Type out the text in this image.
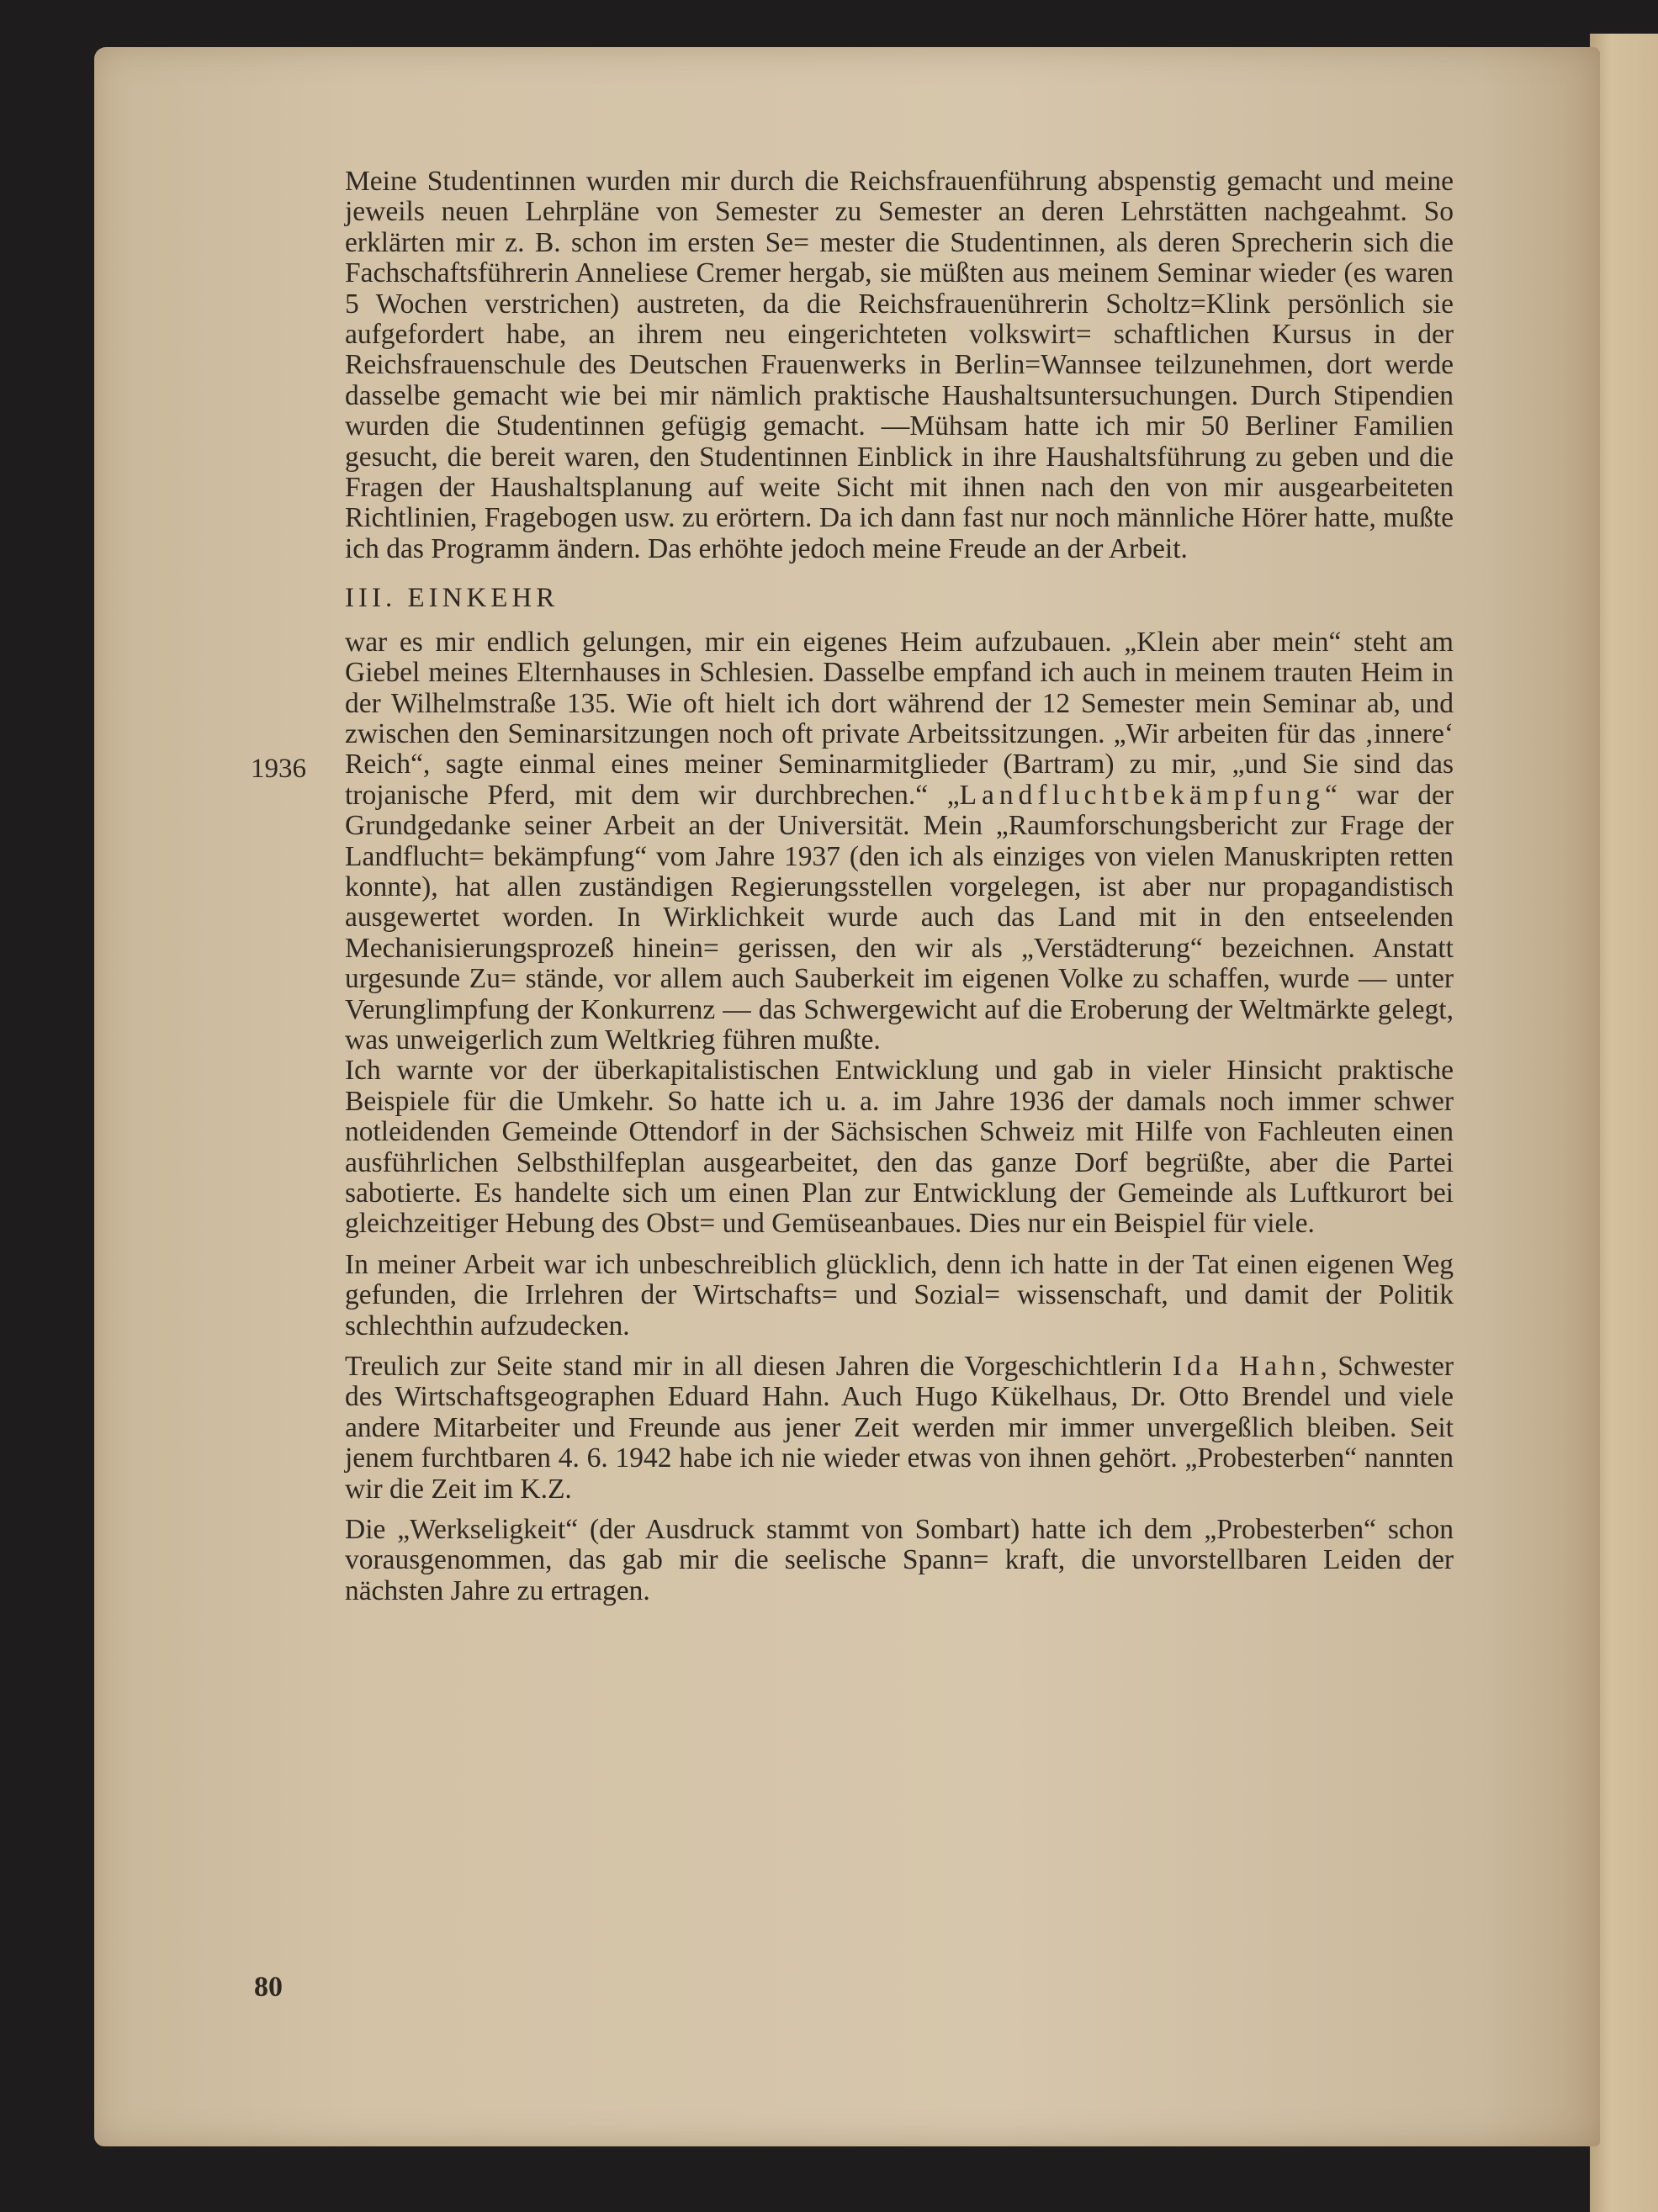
Meine Studentinnen wurden mir durch die Reichsfrauenführung abspenstig gemacht und meine jeweils neuen Lehrpläne von Semester zu Semester an deren Lehrstätten nachgeahmt. So erklärten mir z. B. schon im ersten Se= mester die Studentinnen, als deren Sprecherin sich die Fachschaftsführerin Anneliese Cremer hergab, sie müßten aus meinem Seminar wieder (es waren 5 Wochen verstrichen) austreten, da die Reichsfrauenührerin Scholtz=Klink persönlich sie aufgefordert habe, an ihrem neu eingerichteten volkswirt= schaftlichen Kursus in der Reichsfrauenschule des Deutschen Frauenwerks in Berlin=Wannsee teilzunehmen, dort werde dasselbe gemacht wie bei mir nämlich praktische Haushaltsuntersuchungen. Durch Stipendien wurden die Studentinnen gefügig gemacht. —Mühsam hatte ich mir 50 Berliner Familien gesucht, die bereit waren, den Studentinnen Einblick in ihre Haushaltsführung zu geben und die Fragen der Haushaltsplanung auf weite Sicht mit ihnen nach den von mir ausgearbeiteten Richtlinien, Fragebogen usw. zu erörtern. Da ich dann fast nur noch männliche Hörer hatte, mußte ich das Programm ändern. Das erhöhte jedoch meine Freude an der Arbeit.

III. EINKEHR

war es mir endlich gelungen, mir ein eigenes Heim aufzubauen. „Klein aber mein“ steht am Giebel meines Elternhauses in Schlesien. Dasselbe empfand ich auch in meinem trauten Heim in der Wilhelmstraße 135. Wie oft hielt ich dort während der 12 Semester mein Seminar ab, und zwischen den Seminarsitzungen noch oft private Arbeitssitzungen. „Wir arbeiten für das ‚innere‘ Reich“, sagte einmal eines meiner Seminarmitglieder (Bartram) zu mir, „und Sie sind das trojanische Pferd, mit dem wir durchbrechen.“ „Landfluchtbekämpfung“ war der Grundgedanke seiner Arbeit an der Universität. Mein „Raumforschungsbericht zur Frage der Landflucht= bekämpfung“ vom Jahre 1937 (den ich als einziges von vielen Manuskripten retten konnte), hat allen zuständigen Regierungsstellen vorgelegen, ist aber nur propagandistisch ausgewertet worden. In Wirklichkeit wurde auch das Land mit in den entseelenden Mechanisierungsprozeß hinein= gerissen, den wir als „Verstädterung“ bezeichnen. Anstatt urgesunde Zu= stände, vor allem auch Sauberkeit im eigenen Volke zu schaffen, wurde — unter Verunglimpfung der Konkurrenz — das Schwergewicht auf die Eroberung der Weltmärkte gelegt, was unweigerlich zum Weltkrieg führen mußte.

Ich warnte vor der überkapitalistischen Entwicklung und gab in vieler Hinsicht praktische Beispiele für die Umkehr. So hatte ich u. a. im Jahre 1936 der damals noch immer schwer notleidenden Gemeinde Ottendorf in der Sächsischen Schweiz mit Hilfe von Fachleuten einen ausführlichen Selbsthilfeplan ausgearbeitet, den das ganze Dorf begrüßte, aber die Partei sabotierte. Es handelte sich um einen Plan zur Entwicklung der Gemeinde als Luftkurort bei gleichzeitiger Hebung des Obst= und Gemüseanbaues. Dies nur ein Beispiel für viele.

In meiner Arbeit war ich unbeschreiblich glücklich, denn ich hatte in der Tat einen eigenen Weg gefunden, die Irrlehren der Wirtschafts= und Sozial= wissenschaft, und damit der Politik schlechthin aufzudecken.

Treulich zur Seite stand mir in all diesen Jahren die Vorgeschichtlerin Ida Hahn, Schwester des Wirtschaftsgeographen Eduard Hahn. Auch Hugo Kükelhaus, Dr. Otto Brendel und viele andere Mitarbeiter und Freunde aus jener Zeit werden mir immer unvergeßlich bleiben. Seit jenem furchtbaren 4. 6. 1942 habe ich nie wieder etwas von ihnen gehört. „Probesterben“ nannten wir die Zeit im K.Z.

Die „Werkseligkeit“ (der Ausdruck stammt von Sombart) hatte ich dem „Probesterben“ schon vorausgenommen, das gab mir die seelische Spann= kraft, die unvorstellbaren Leiden der nächsten Jahre zu ertragen.

1936
80
